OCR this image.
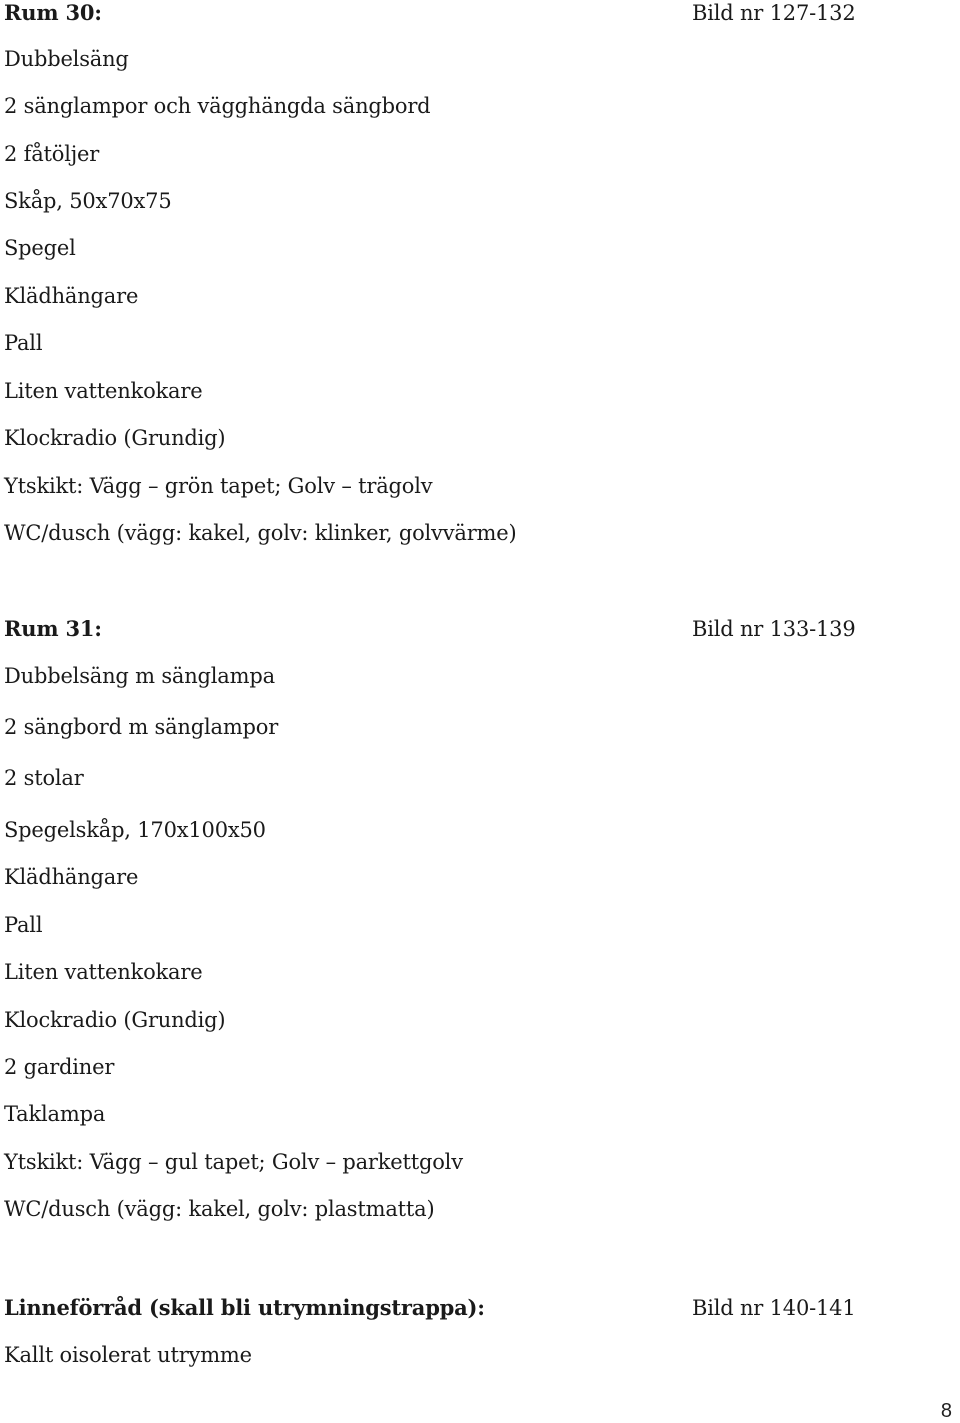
Rum 30:	Bild nr 127-132
Dubbelsäng
2 sänglampor och vägghängda sängbord
2 fåtöljer
Skåp, 50x70x75
Spegel
Klädhängare
Pall
Liten vattenkokare
Klockradio (Grundig)
Ytskikt: Vägg – grön tapet; Golv – trägolv
WC/dusch (vägg: kakel, golv: klinker, golvvärme)
Rum 31:	Bild nr 133-139
Dubbelsäng m sänglampa
2 sängbord m sänglampor
2 stolar
Spegelskåp, 170x100x50
Klädhängare
Pall
Liten vattenkokare
Klockradio (Grundig)
2 gardiner
Taklampa
Ytskikt: Vägg – gul tapet; Golv – parkettgolv
WC/dusch (vägg: kakel, golv: plastmatta)
Linneförråd (skall bli utrymningstrappa):	Bild nr 140-141
Kallt oisolerat utrymme
8
